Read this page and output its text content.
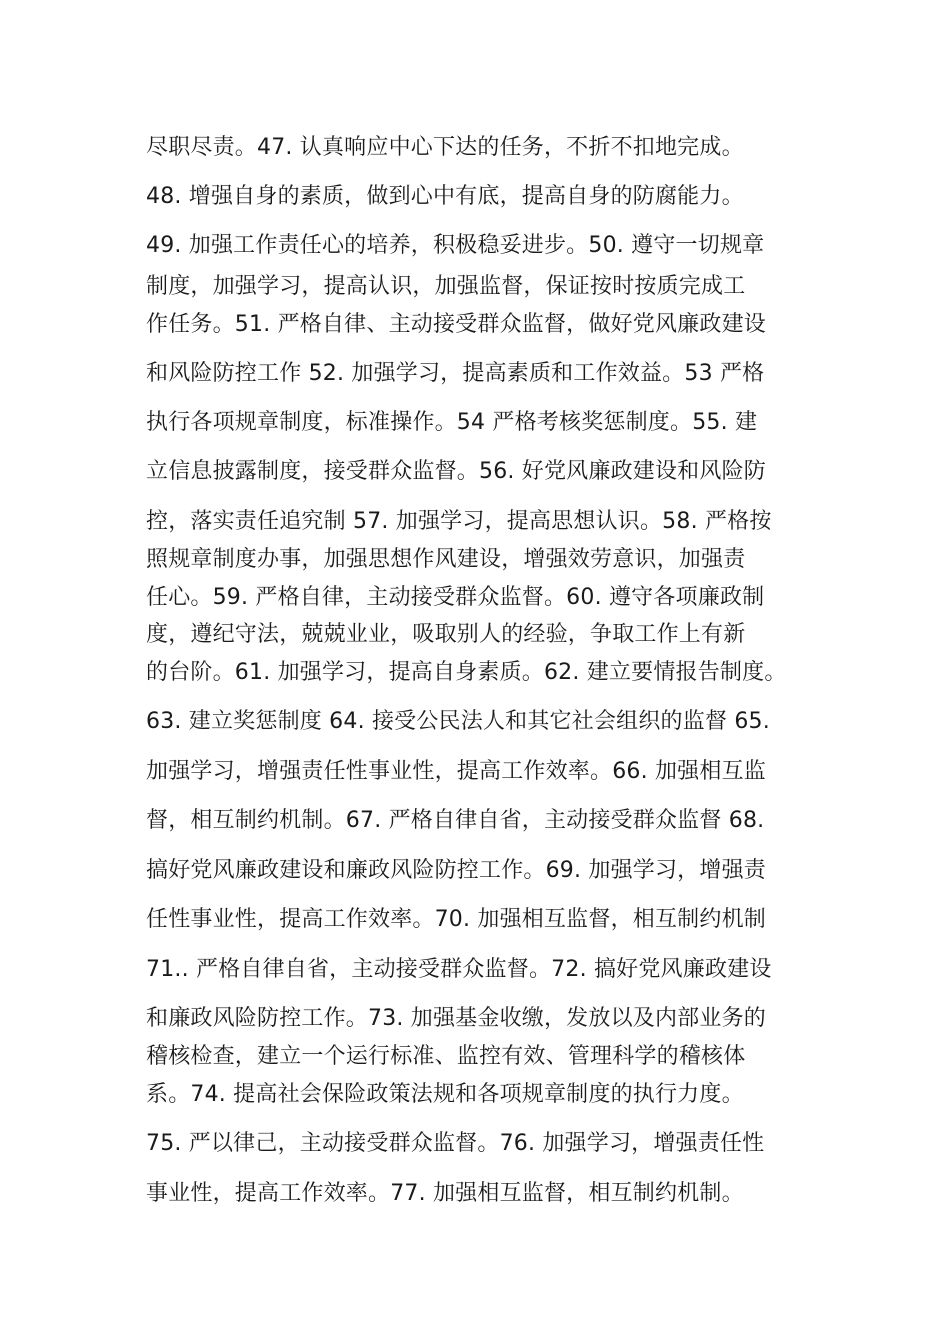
尽职尽责。47. 认真响应中心下达的任务，不折不扣地完成。

48. 增强自身的素质，做到心中有底，提高自身的防腐能力。

49. 加强工作责任心的培养，积极稳妥进步。50. 遵守一切规章

制度，加强学习，提高认识，加强监督，保证按时按质完成工

作任务。51. 严格自律、主动接受群众监督，做好党风廉政建设

和风险防控工作 52. 加强学习，提高素质和工作效益。53 严格

执行各项规章制度，标准操作。54 严格考核奖惩制度。55. 建

立信息披露制度，接受群众监督。56. 好党风廉政建设和风险防

控，落实责任追究制 57. 加强学习，提高思想认识。58. 严格按

照规章制度办事，加强思想作风建设，增强效劳意识，加强责

任心。59. 严格自律，主动接受群众监督。60. 遵守各项廉政制

度，遵纪守法，兢兢业业，吸取别人的经验，争取工作上有新

的台阶。61. 加强学习，提高自身素质。62. 建立要情报告制度。

63. 建立奖惩制度 64. 接受公民法人和其它社会组织的监督 65.

加强学习，增强责任性事业性，提高工作效率。66. 加强相互监

督，相互制约机制。67. 严格自律自省，主动接受群众监督 68.

搞好党风廉政建设和廉政风险防控工作。69. 加强学习，增强责

任性事业性，提高工作效率。70. 加强相互监督，相互制约机制

71.. 严格自律自省，主动接受群众监督。72. 搞好党风廉政建设

和廉政风险防控工作。73. 加强基金收缴，发放以及内部业务的

稽核检查，建立一个运行标准、监控有效、管理科学的稽核体

系。74. 提高社会保险政策法规和各项规章制度的执行力度。

75. 严以律己，主动接受群众监督。76. 加强学习，增强责任性

事业性，提高工作效率。77. 加强相互监督，相互制约机制。
